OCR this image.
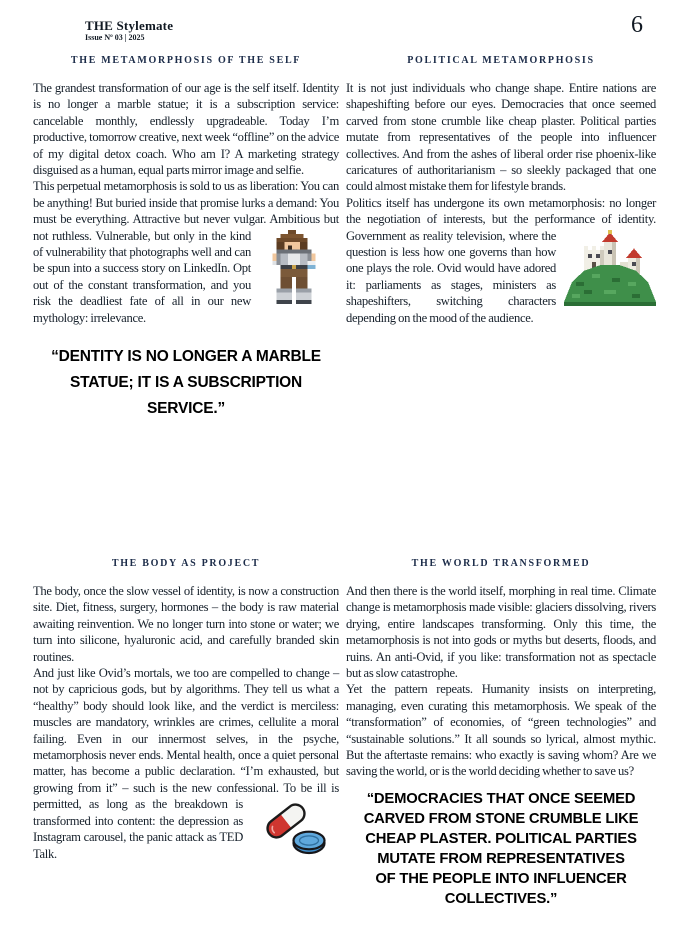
THE Stylemate
Issue Nº 03 | 2025	6
THE METAMORPHOSIS OF THE SELF

The grandest transformation of our age is the self itself. Identity is no longer a marble statue; it is a subscription service: cancelable monthly, endlessly upgradeable. Today I’m productive, tomorrow creative, next week “offline” on the advice of my digital detox coach. Who am I? A marketing strategy disguised as a human, equal parts mirror image and selfie.

This perpetual metamorphosis is sold to us as liberation: You can be anything! But buried inside that promise lurks a demand: You must be everything. Attractive but never vulgar. Ambitious but not ruthless. Vulnerable, but only in the kind of vulnerability that photographs well and can be spun into a success story on LinkedIn. Opt out of the constant transformation, and you risk the deadliest fate of all in our new mythology: irrelevance.

“DENTITY IS NO LONGER A MARBLE
STATUE; IT IS A SUBSCRIPTION
SERVICE.”
POLITICAL METAMORPHOSIS

It is not just individuals who change shape. Entire nations are shapeshifting before our eyes. Democracies that once seemed carved from stone crumble like cheap plaster. Political parties mutate from representatives of the people into influencer collectives. And from the ashes of liberal order rise phoenix-like caricatures of authoritarianism – so sleekly packaged that one could almost mistake them for lifestyle brands.

Politics itself has undergone its own metamorphosis: no longer the negotiation of interests, but the performance of identity. Government as reality television, where the
question is less how one governs than how one plays the role. Ovid would have adored it: parliaments as stages, ministers as shapeshifters, switching characters depending on the mood of the audience.

THE BODY AS PROJECT

The body, once the slow vessel of identity, is now a construction site. Diet, fitness, surgery, hormones – the body is raw material awaiting reinvention. We no longer turn into stone or water; we turn into silicone, hyaluronic acid, and carefully branded skin routines.

And just like Ovid’s mortals, we too are compelled to change – not by capricious gods, but by algorithms. They tell us what a “healthy” body should look like, and the verdict is merciless: muscles are mandatory, wrinkles are crimes, cellulite a moral failing. Even in our innermost selves, in the psyche, metamorphosis never ends. Mental health, once a quiet personal matter, has become a public declaration. “I’m exhausted, but growing from it” – such is the new confessional. To be ill is permitted, as long as the breakdown is transformed into content: the depression as Instagram carousel, the panic attack as TED Talk.

THE WORLD TRANSFORMED

And then there is the world itself, morphing in real time. Climate change is metamorphosis made visible: glaciers dissolving, rivers drying, entire landscapes transforming. Only this time, the metamorphosis is not into gods or myths but deserts, floods, and ruins. An anti-Ovid, if you like: transformation not as spectacle but as slow catastrophe.

Yet the pattern repeats. Humanity insists on interpreting, managing, even curating this metamorphosis. We speak of the “transformation” of economies, of “green technologies” and “sustainable solutions.” It all sounds so lyrical, almost mythic. But the aftertaste remains: who exactly is saving whom? Are we saving the world, or is the world deciding whether to save us?

“DEMOCRACIES THAT ONCE SEEMED
CARVED FROM STONE CRUMBLE LIKE
CHEAP PLASTER. POLITICAL PARTIES
MUTATE FROM REPRESENTATIVES
OF THE PEOPLE INTO INFLUENCER
COLLECTIVES.”
